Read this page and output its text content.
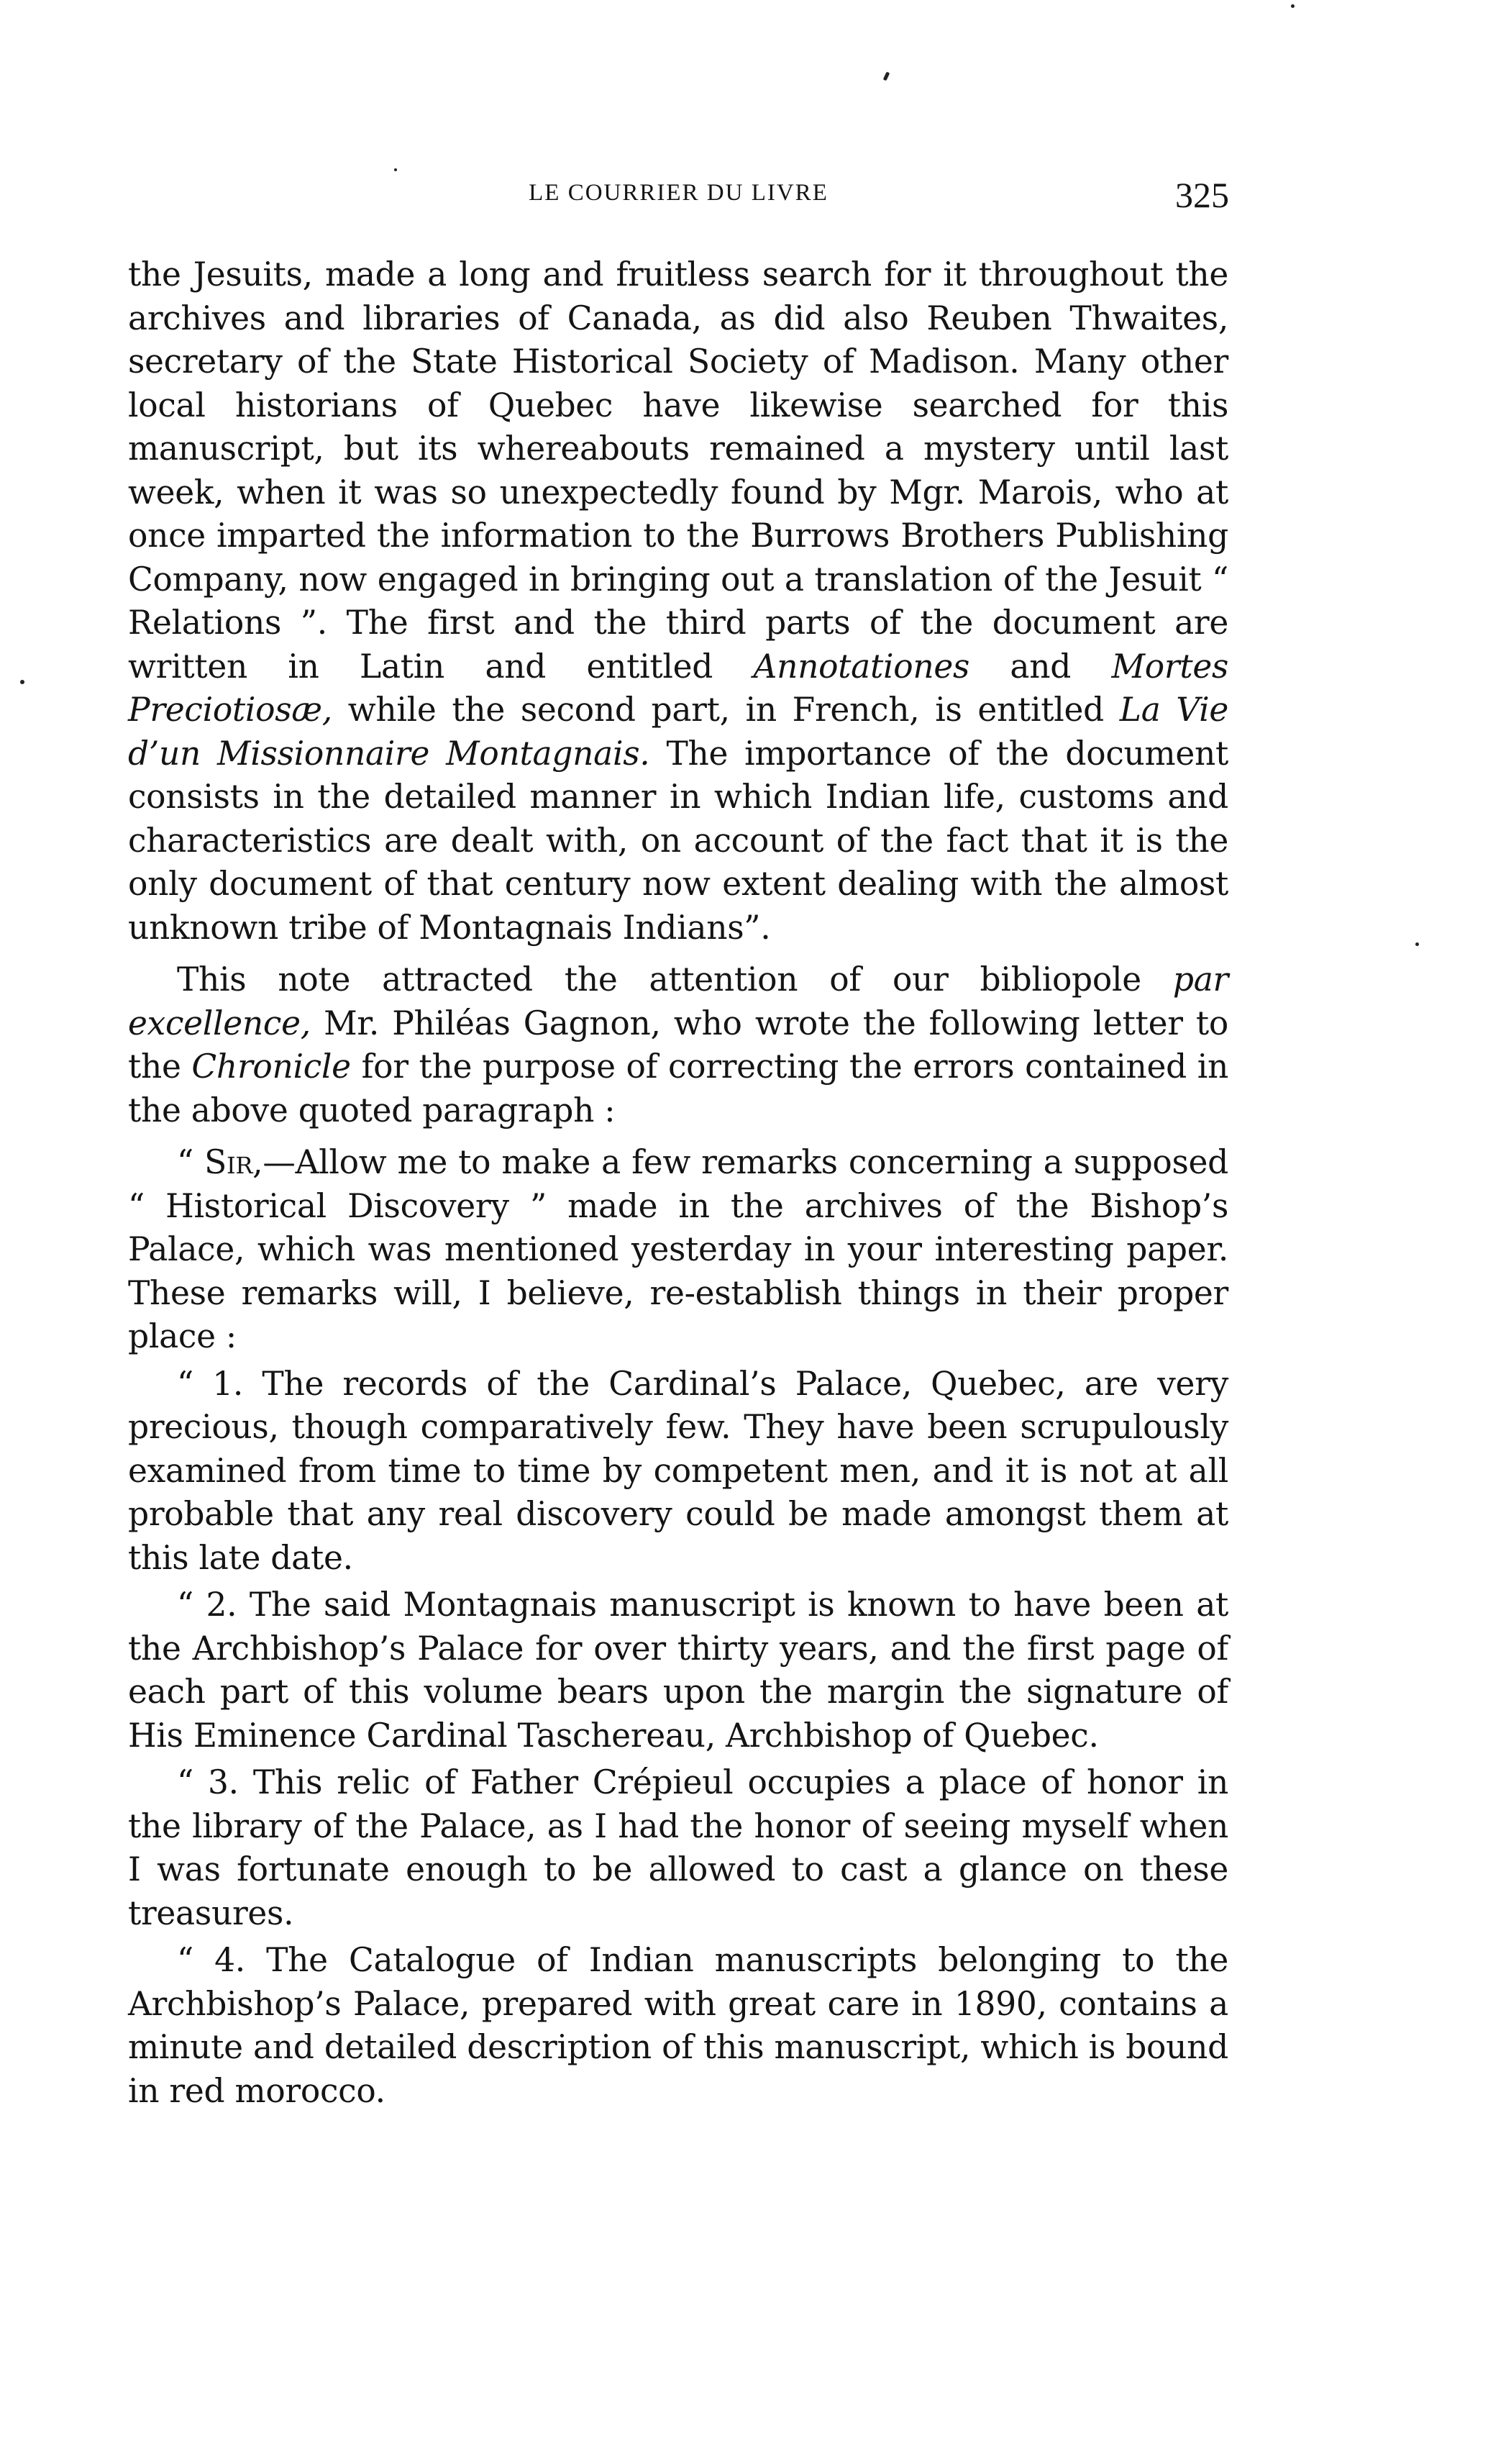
LE COURRIER DU LIVRE	325

the Jesuits, made a long and fruitless search for it throughout the archives and libraries of Canada, as did also Reuben Thwaites, secretary of the State Historical Society of Madison. Many other local historians of Quebec have likewise searched for this manuscript, but its whereabouts remained a mystery until last week, when it was so unexpectedly found by Mgr. Marois, who at once imparted the information to the Burrows Brothers Publishing Company, now engaged in bringing out a translation of the Jesuit “ Relations ”. The first and the third parts of the document are written in Latin and entitled Annotationes and Mortes Preciotiosæ, while the second part, in French, is entitled La Vie d’un Missionnaire Montagnais. The importance of the document consists in the detailed manner in which Indian life, customs and characteristics are dealt with, on account of the fact that it is the only document of that century now extent dealing with the almost unknown tribe of Montagnais Indians”.

This note attracted the attention of our bibliopole par excellence, Mr. Philéas Gagnon, who wrote the following letter to the Chronicle for the purpose of correcting the errors contained in the above quoted paragraph :

“ Sir,—Allow me to make a few remarks concerning a supposed “ Historical Discovery ” made in the archives of the Bishop’s Palace, which was mentioned yesterday in your interesting paper. These remarks will, I believe, re-establish things in their proper place :

“ 1. The records of the Cardinal’s Palace, Quebec, are very precious, though comparatively few. They have been scrupulously examined from time to time by competent men, and it is not at all probable that any real discovery could be made amongst them at this late date.

“ 2. The said Montagnais manuscript is known to have been at the Archbishop’s Palace for over thirty years, and the first page of each part of this volume bears upon the margin the signature of His Eminence Cardinal Taschereau, Archbishop of Quebec.

“ 3. This relic of Father Crépieul occupies a place of honor in the library of the Palace, as I had the honor of seeing myself when I was fortunate enough to be allowed to cast a glance on these treasures.

“ 4. The Catalogue of Indian manuscripts belonging to the Archbishop’s Palace, prepared with great care in 1890, contains a minute and detailed description of this manuscript, which is bound in red morocco.
